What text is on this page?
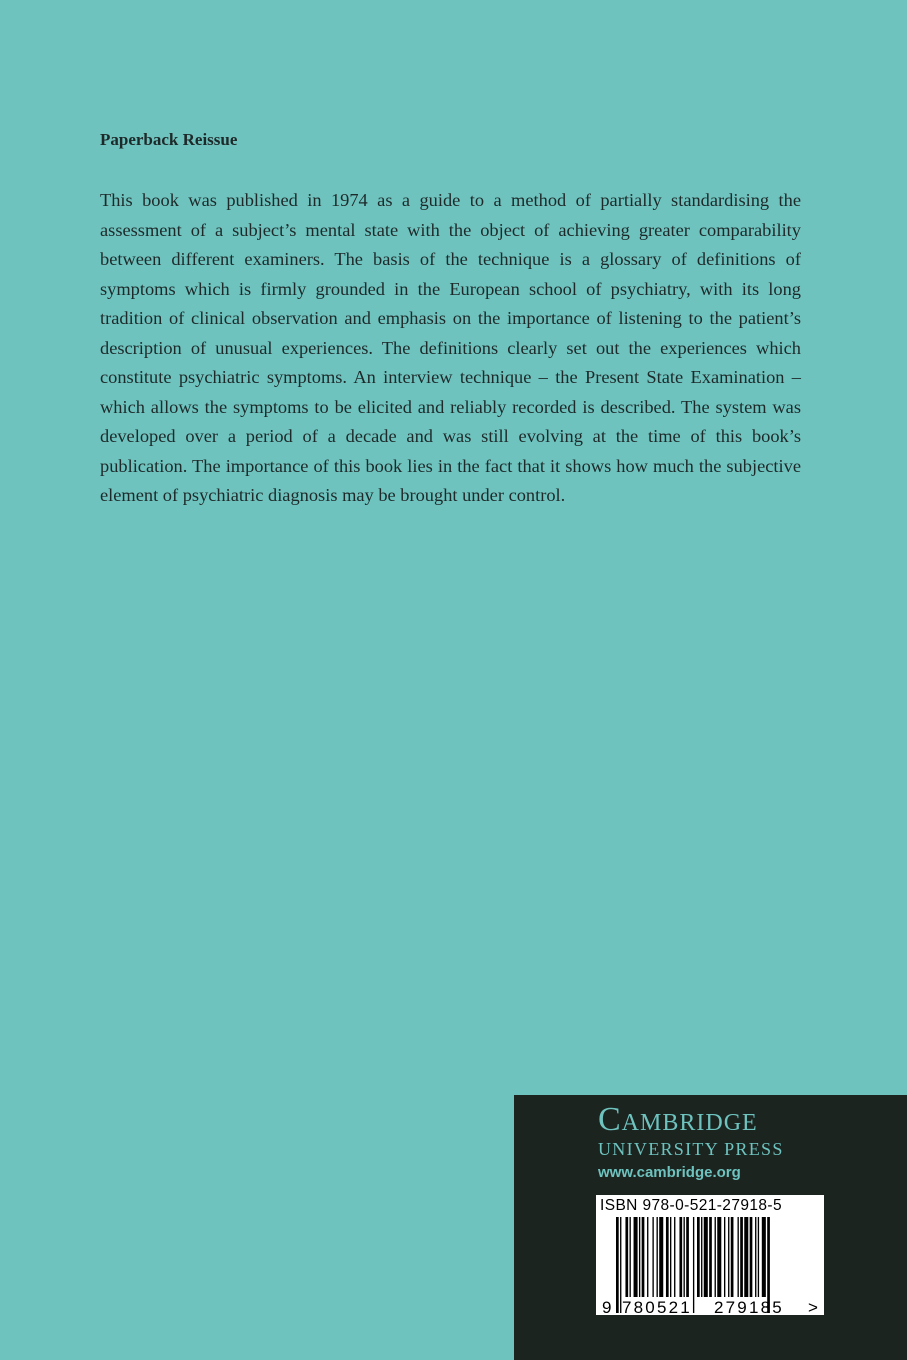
Paperback Reissue

This book was published in 1974 as a guide to a method of partially standardising the assessment of a subject’s mental state with the object of achieving greater comparability between different examiners. The basis of the technique is a glossary of definitions of symptoms which is firmly grounded in the European school of psychiatry, with its long tradition of clinical observation and emphasis on the importance of listening to the patient’s description of unusual experiences. The definitions clearly set out the experiences which constitute psychiatric symptoms. An interview technique – the Present State Examination – which allows the symptoms to be elicited and reliably recorded is described. The system was developed over a period of a decade and was still evolving at the time of this book’s publication. The importance of this book lies in the fact that it shows how much the subjective element of psychiatric diagnosis may be brought under control.

Cambridge
UNIVERSITY PRESS
www.cambridge.org
9 780521 279185 >
ISBN 978-0-521-27918-5
